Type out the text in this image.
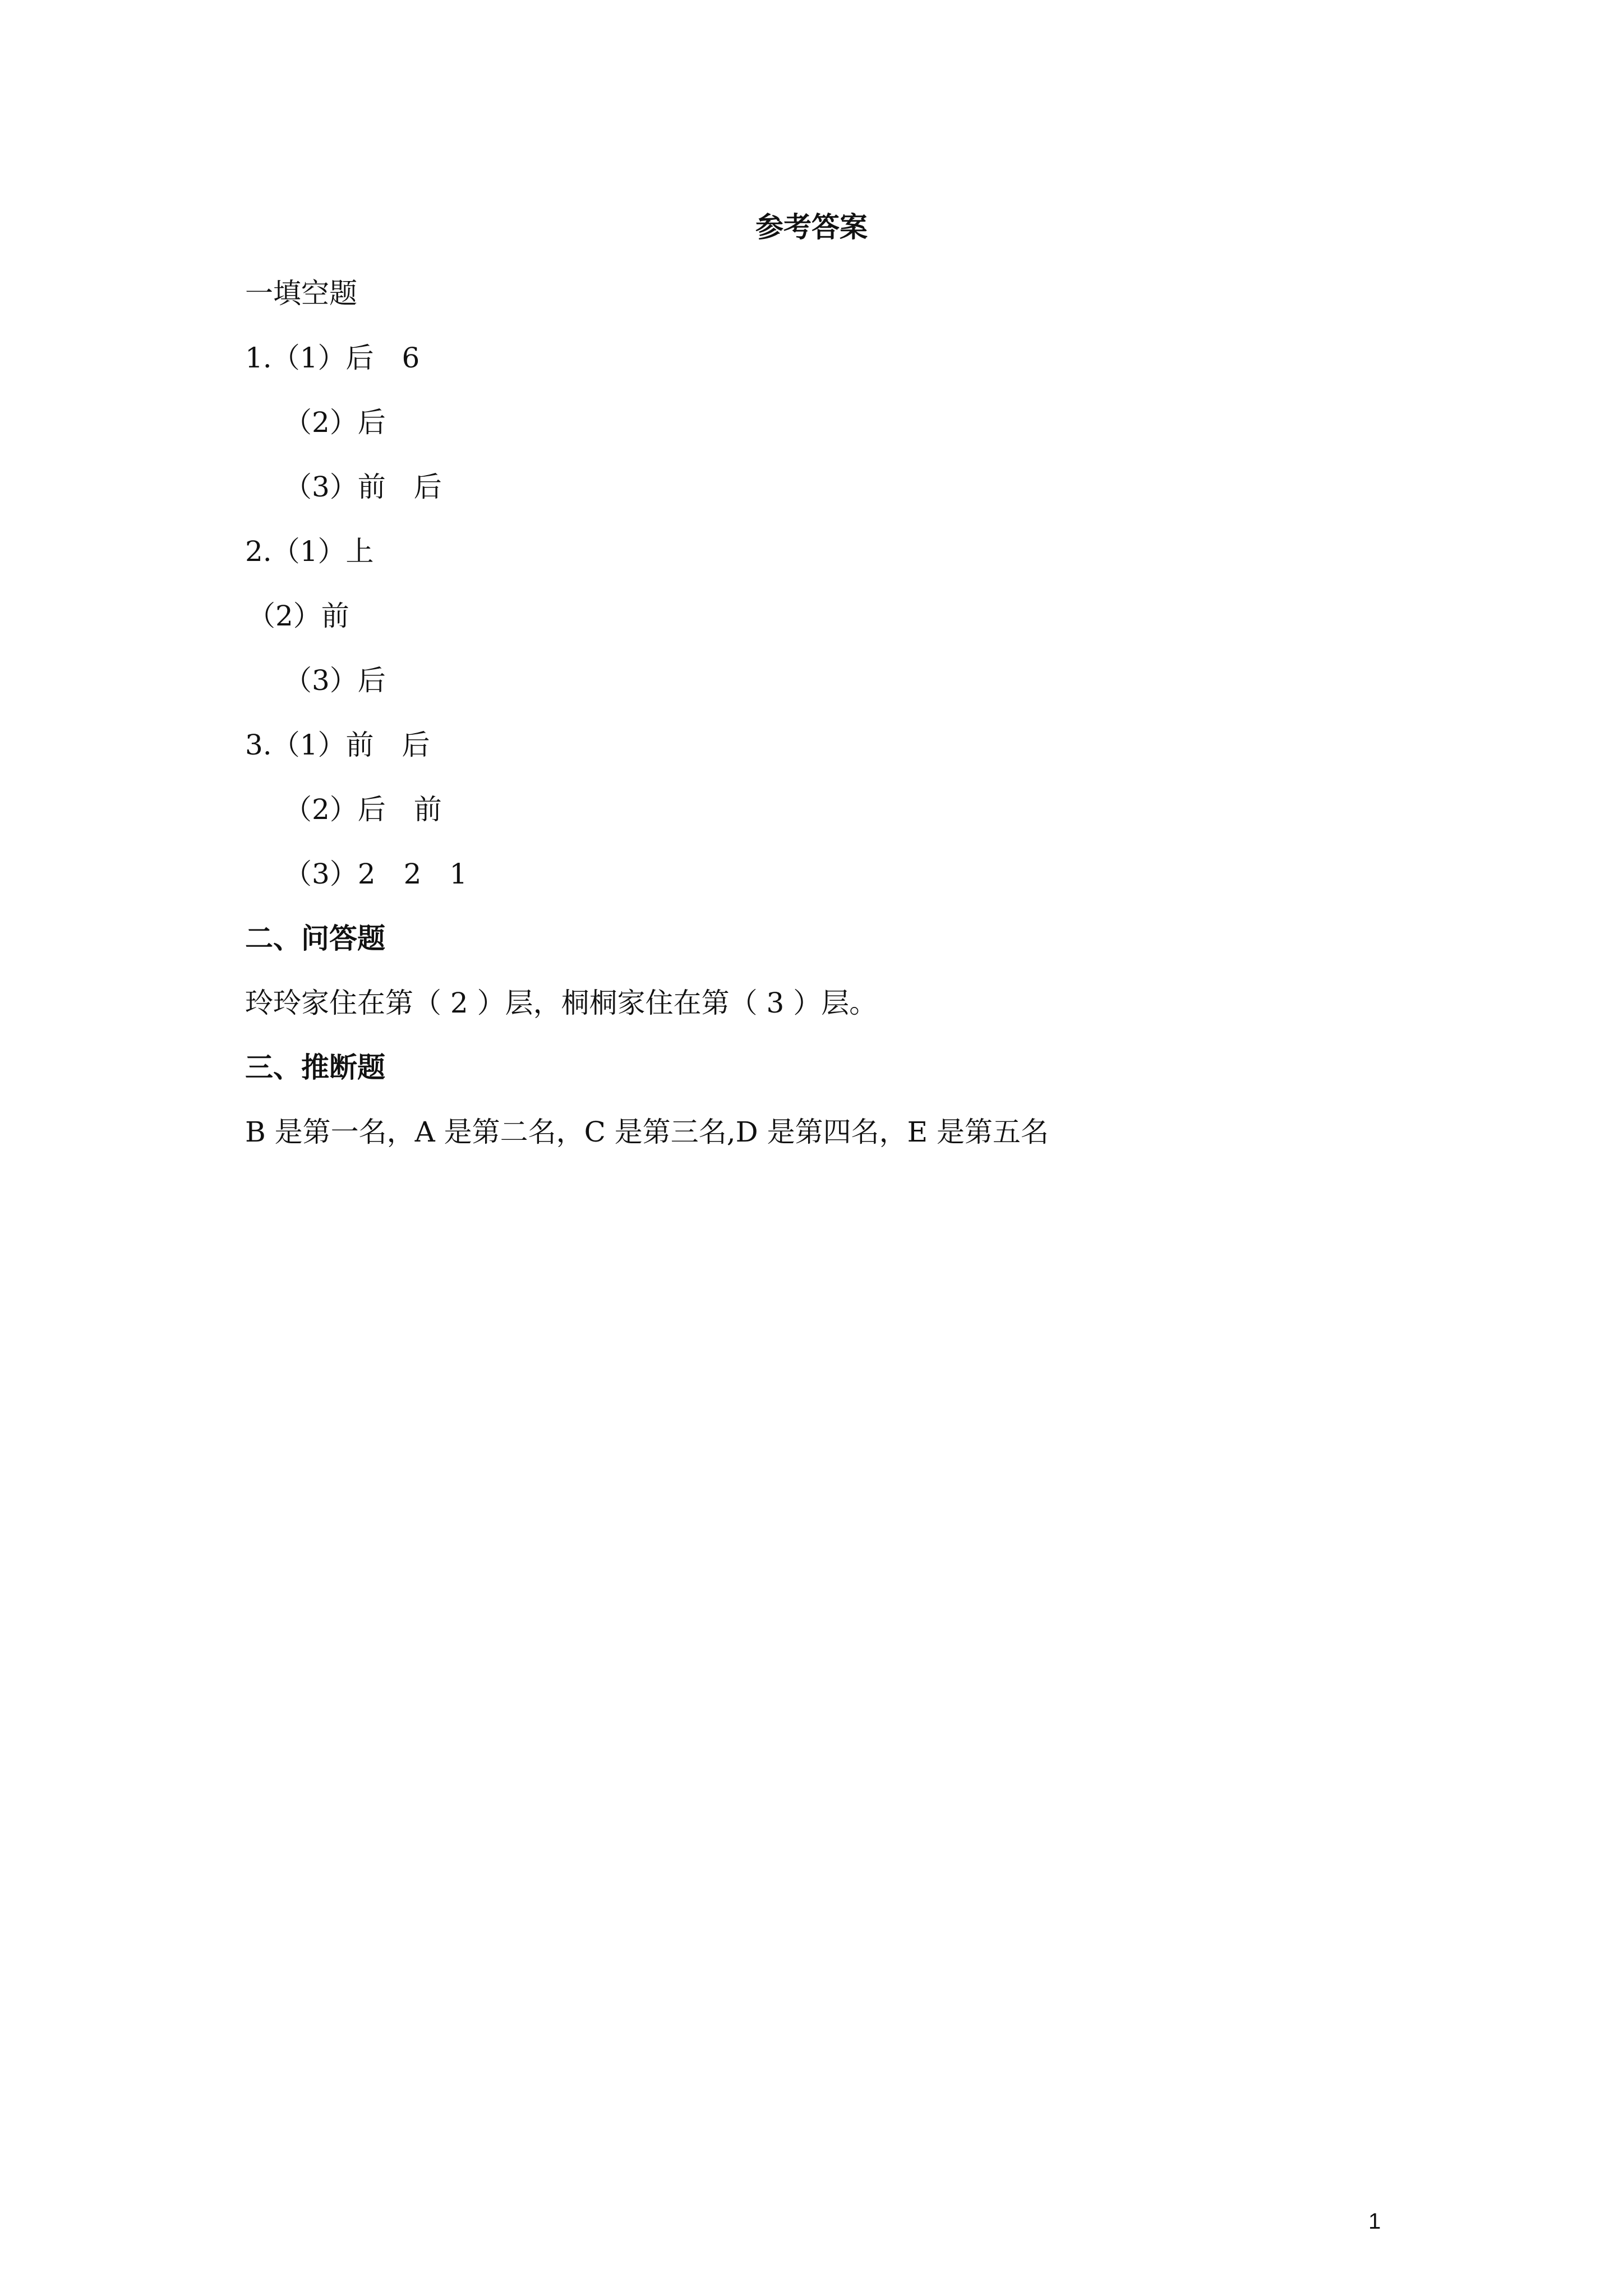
参考答案
一填空题
1.（1）后　6
（2）后
（3）前　后
2.（1）上
（2）前
（3）后
3.（1）前　后
（2）后　前
（3）2　2　1
二、问答题
玲玲家住在第（ 2 ）层，桐桐家住在第（ 3 ）层。
三、推断题
B 是第一名，A 是第二名，C 是第三名,D 是第四名，E 是第五名
1
